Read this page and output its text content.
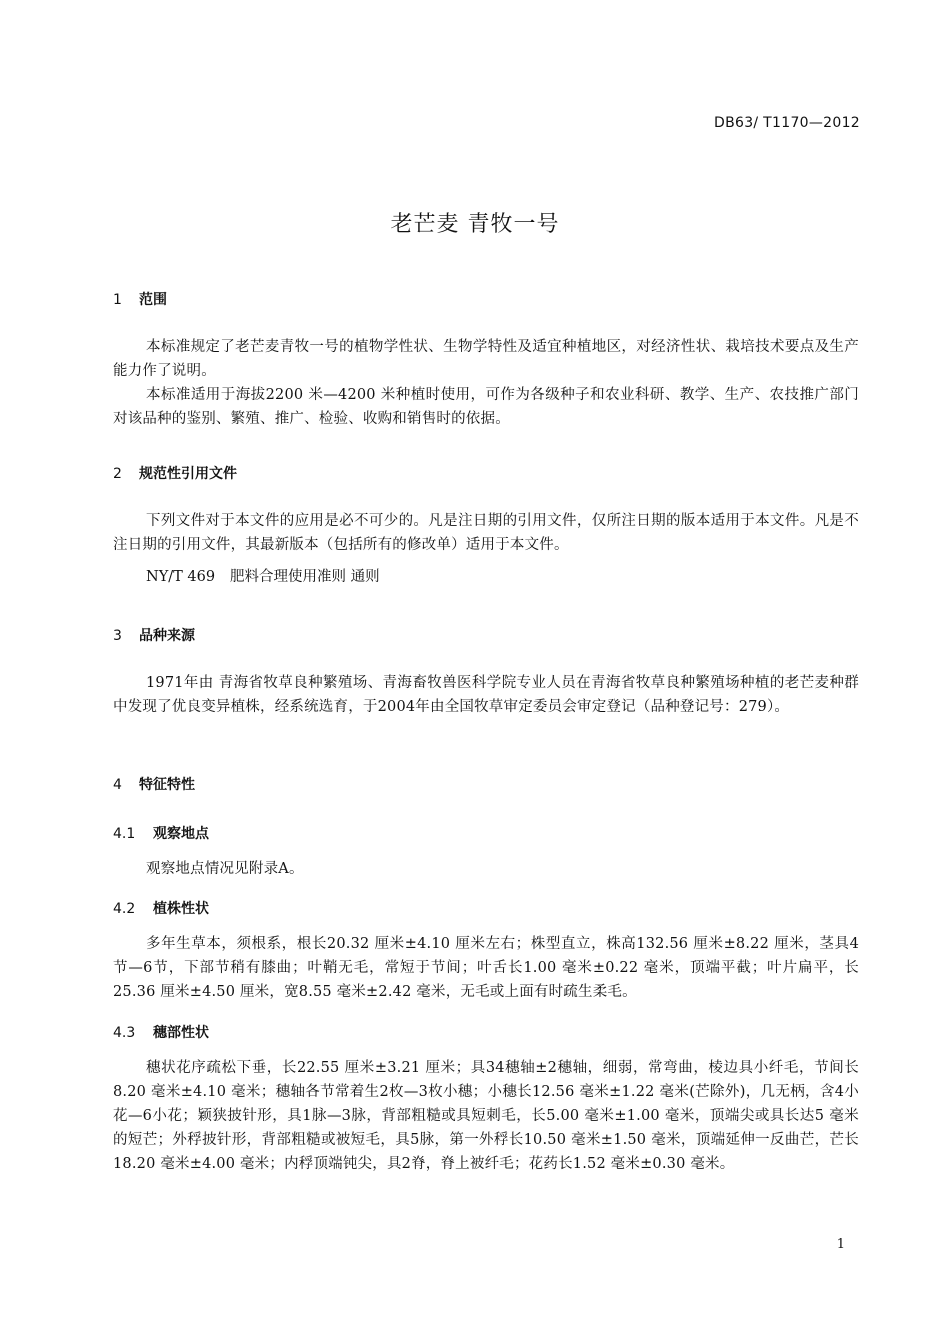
DB63/ T1170—2012
老芒麦 青牧一号
1 范围
本标准规定了老芒麦青牧一号的植物学性状、生物学特性及适宜种植地区，对经济性状、栽培技术要点及生产能力作了说明。
本标准适用于海拔2200 米—4200 米种植时使用，可作为各级种子和农业科研、教学、生产、农技推广部门对该品种的鉴别、繁殖、推广、检验、收购和销售时的依据。
2 规范性引用文件
下列文件对于本文件的应用是必不可少的。凡是注日期的引用文件，仅所注日期的版本适用于本文件。凡是不注日期的引用文件，其最新版本（包括所有的修改单）适用于本文件。
NY/T 469 肥料合理使用准则 通则
3 品种来源
1971年由 青海省牧草良种繁殖场、青海畜牧兽医科学院专业人员在青海省牧草良种繁殖场种植的老芒麦种群中发现了优良变异植株，经系统选育，于2004年由全国牧草审定委员会审定登记（品种登记号：279）。
4 特征特性
4.1 观察地点
观察地点情况见附录A。
4.2 植株性状
多年生草本，须根系，根长20.32 厘米±4.10 厘米左右；株型直立，株高132.56 厘米±8.22 厘米，茎具4节—6节，下部节稍有膝曲；叶鞘无毛，常短于节间；叶舌长1.00 毫米±0.22 毫米，顶端平截；叶片扁平，长25.36 厘米±4.50 厘米，宽8.55 毫米±2.42 毫米，无毛或上面有时疏生柔毛。
4.3 穗部性状
穗状花序疏松下垂，长22.55 厘米±3.21 厘米；具34穗轴±2穗轴，细弱，常弯曲，棱边具小纤毛，节间长8.20 毫米±4.10 毫米；穗轴各节常着生2枚—3枚小穗；小穗长12.56 毫米±1.22 毫米(芒除外)，几无柄，含4小花—6小花；颖狭披针形，具1脉—3脉，背部粗糙或具短刺毛，长5.00 毫米±1.00 毫米，顶端尖或具长达5 毫米的短芒；外稃披针形，背部粗糙或被短毛，具5脉，第一外稃长10.50 毫米±1.50 毫米，顶端延伸一反曲芒，芒长18.20 毫米±4.00 毫米；内稃顶端钝尖，具2脊，脊上被纤毛；花药长1.52 毫米±0.30 毫米。
1
